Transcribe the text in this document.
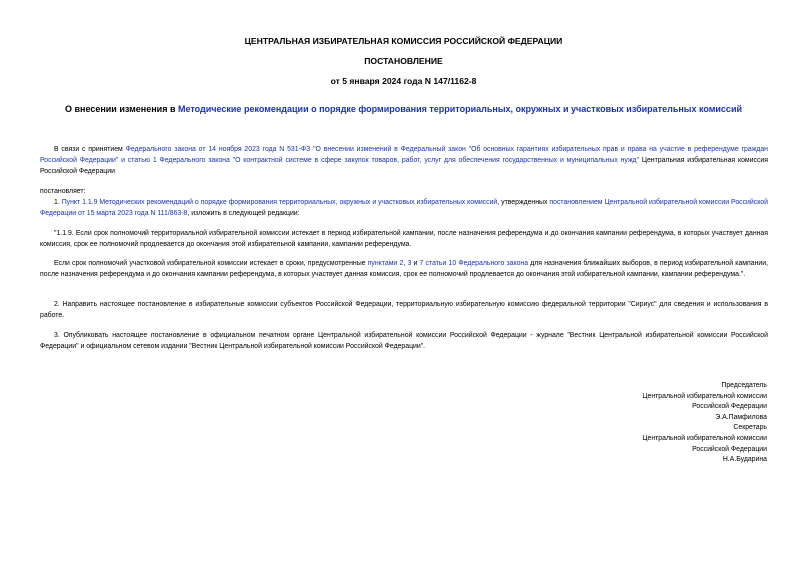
ЦЕНТРАЛЬНАЯ ИЗБИРАТЕЛЬНАЯ КОМИССИЯ РОССИЙСКОЙ ФЕДЕРАЦИИ
ПОСТАНОВЛЕНИЕ
от 5 января 2024 года N 147/1162-8
О внесении изменения в Методические рекомендации о порядке формирования территориальных, окружных и участковых избирательных комиссий
В связи с принятием Федерального закона от 14 ноября 2023 года N 531-ФЗ "О внесении изменений в Федеральный закон "Об основных гарантиях избирательных прав и права на участие в референдуме граждан Российской Федерации" и статью 1 Федерального закона "О контрактной системе в сфере закупок товаров, работ, услуг для обеспечения государственных и муниципальных нужд" Центральная избирательная комиссия Российской Федерации
постановляет:
1. Пункт 1.1.9 Методических рекомендаций о порядке формирования территориальных, окружных и участковых избирательных комиссий, утвержденных постановлением Центральной избирательной комиссии Российской Федерации от 15 марта 2023 года N 111/863-8, изложить в следующей редакции:
"1.1.9. Если срок полномочий территориальной избирательной комиссии истекает в период избирательной кампании, после назначения референдума и до окончания кампании референдума, в которых участвует данная комиссия, срок ее полномочий продлевается до окончания этой избирательной кампании, кампании референдума.
Если срок полномочий участковой избирательной комиссии истекает в сроки, предусмотренные пунктами 2, 3 и 7 статьи 10 Федерального закона для назначения ближайших выборов, в период избирательной кампании, после назначения референдума и до окончания кампании референдума, в которых участвует данная комиссия, срок ее полномочий продлевается до окончания этой избирательной кампании, кампании референдума.".
2. Направить настоящее постановление в избирательные комиссии субъектов Российской Федерации, территориальную избирательную комиссию федеральной территории "Сириус" для сведения и использования в работе.
3. Опубликовать настоящее постановление в официальном печатном органе Центральной избирательной комиссии Российской Федерации - журнале "Вестник Центральной избирательной комиссии Российской Федерации" и официальном сетевом издании "Вестник Центральной избирательной комиссии Российской Федерации".
Председатель
Центральной избирательной комиссии
Российской Федерации
Э.А.Памфилова
Секретарь
Центральной избирательной комиссии
Российской Федерации
Н.А.Бударина
